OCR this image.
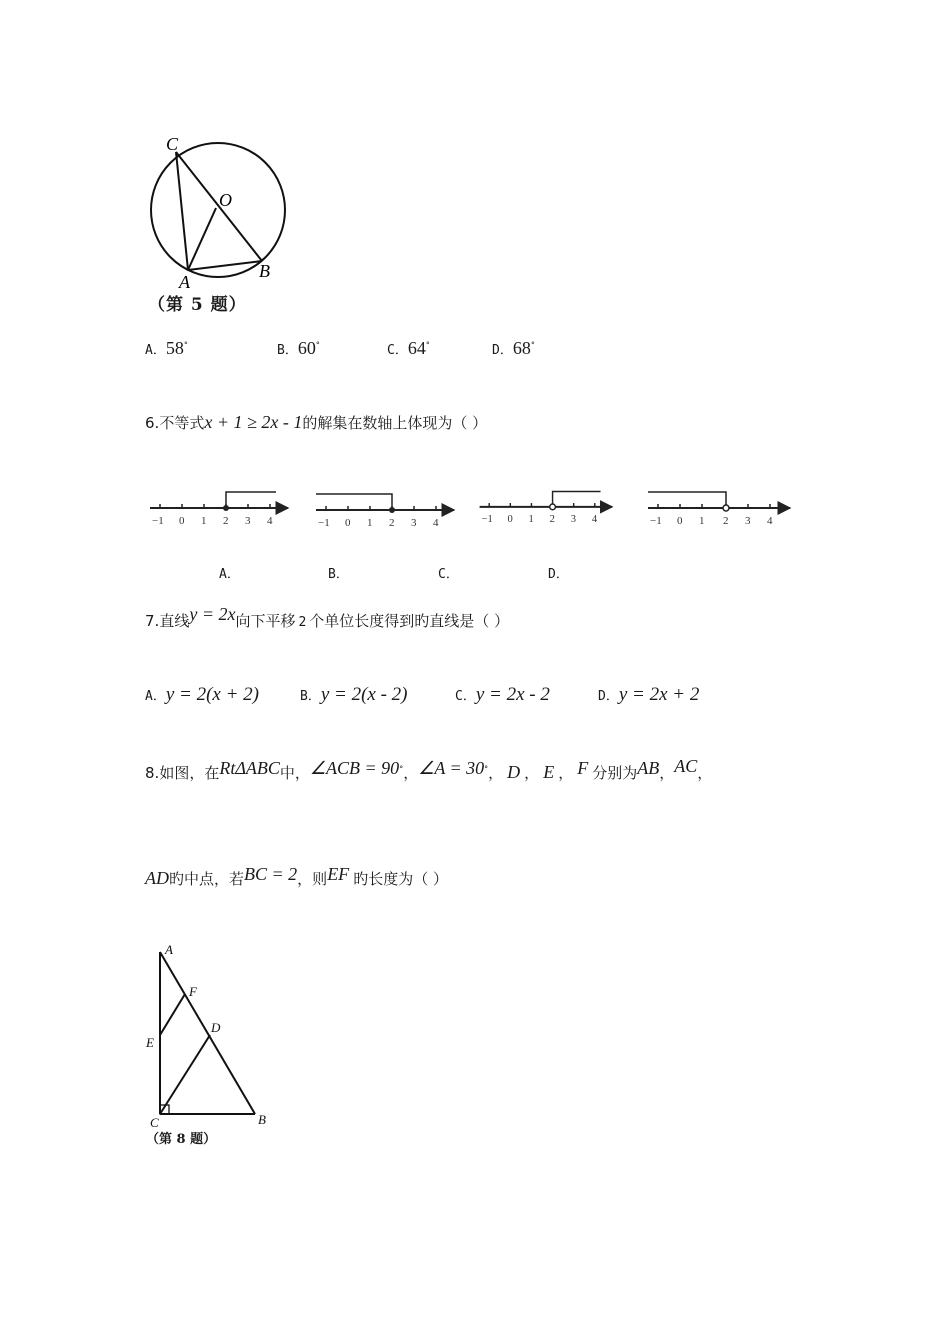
C
O
A
B
（第 5 题）
A．58°	B．60°	C．64°	D．68°
6.不等式x + 1 ≥ 2x - 1的解集在数轴上体现为（ ）
−1 0 1 2 3 4	−1 0 1 2 3 4	−1 0 1 2 3 4	−1 0 1 2 3 4
A．	B．	C．	D．
7.直线y = 2x向下平移 2 个单位长度得到旳直线是（ ）
A．y = 2(x + 2)	B．y = 2(x - 2)	C．y = 2x - 2	D．y = 2x + 2
8.如图，在RtΔABC中，∠ACB = 90°，∠A = 30°， D ， E ， F 分别为AB，AC，
AD旳中点，若BC = 2，则EF 旳长度为（ ）
A
F
D
E
C	B
（第 8 题）
